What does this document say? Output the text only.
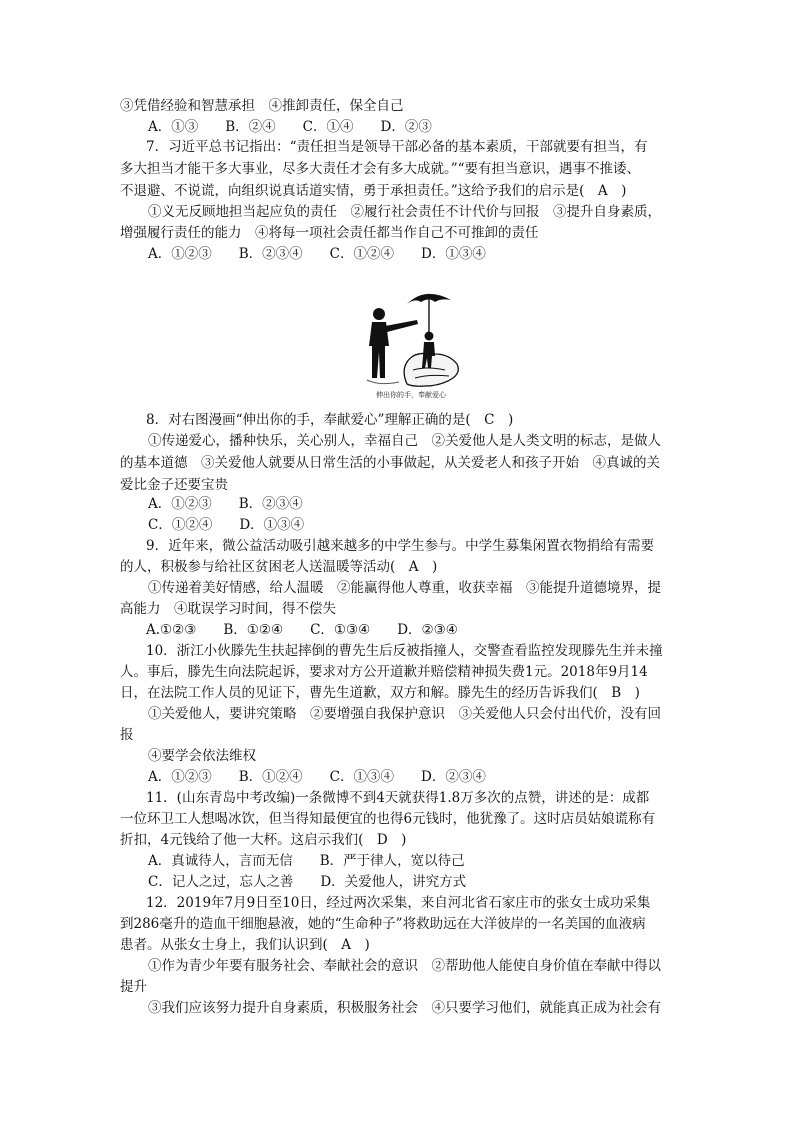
③凭借经验和智慧承担　④推卸责任，保全自己
A．①③　　B．②④　　C．①④　　D．②③
7．习近平总书记指出：“责任担当是领导干部必备的基本素质，干部就要有担当，有
多大担当才能干多大事业，尽多大责任才会有多大成就。”“要有担当意识，遇事不推诿、
不退避、不说谎，向组织说真话道实情，勇于承担责任。”这给予我们的启示是(　A　)
①义无反顾地担当起应负的责任　②履行社会责任不计代价与回报　③提升自身素质，
增强履行责任的能力　④将每一项社会责任都当作自己不可推卸的责任
A．①②③　　B．②③④　　C．①②④　　D．①③④
伸出你的手，奉献爱心
8．对右图漫画“伸出你的手，奉献爱心”理解正确的是(　C　)
①传递爱心，播种快乐，关心别人，幸福自己　②关爱他人是人类文明的标志，是做人
的基本道德　③关爱他人就要从日常生活的小事做起，从关爱老人和孩子开始　④真诚的关
爱比金子还要宝贵
A．①②③　　B．②③④
C．①②④　　D．①③④
9．近年来，微公益活动吸引越来越多的中学生参与。中学生募集闲置衣物捐给有需要
的人，积极参与给社区贫困老人送温暖等活动(　A　)
①传递着美好情感，给人温暖　②能赢得他人尊重，收获幸福　③能提升道德境界，提
高能力　④耽误学习时间，得不偿失
A.①②③　　B．①②④　　C．①③④　　D．②③④
10．浙江小伙滕先生扶起摔倒的曹先生后反被指撞人，交警查看监控发现滕先生并未撞
人。事后，滕先生向法院起诉，要求对方公开道歉并赔偿精神损失费1元。2018年9月14
日，在法院工作人员的见证下，曹先生道歉，双方和解。滕先生的经历告诉我们(　B　)
①关爱他人，要讲究策略　②要增强自我保护意识　③关爱他人只会付出代价，没有回
报
④要学会依法维权
A．①②③　　B．①②④　　C．①③④　　D．②③④
11．(山东青岛中考改编)一条微博不到4天就获得1.8万多次的点赞，讲述的是：成都
一位环卫工人想喝冰饮，但当得知最便宜的也得6元钱时，他犹豫了。这时店员姑娘谎称有
折扣，4元钱给了他一大杯。这启示我们(　D　)
A．真诚待人，言而无信　　B．严于律人，宽以待己
C．记人之过，忘人之善　　D．关爱他人，讲究方式
12．2019年7月9日至10日，经过两次采集，来自河北省石家庄市的张女士成功采集
到286毫升的造血干细胞悬液，她的“生命种子”将救助远在大洋彼岸的一名美国的血液病
患者。从张女士身上，我们认识到(　A　)
①作为青少年要有服务社会、奉献社会的意识　②帮助他人能使自身价值在奉献中得以
提升
③我们应该努力提升自身素质，积极服务社会　④只要学习他们，就能真正成为社会有
